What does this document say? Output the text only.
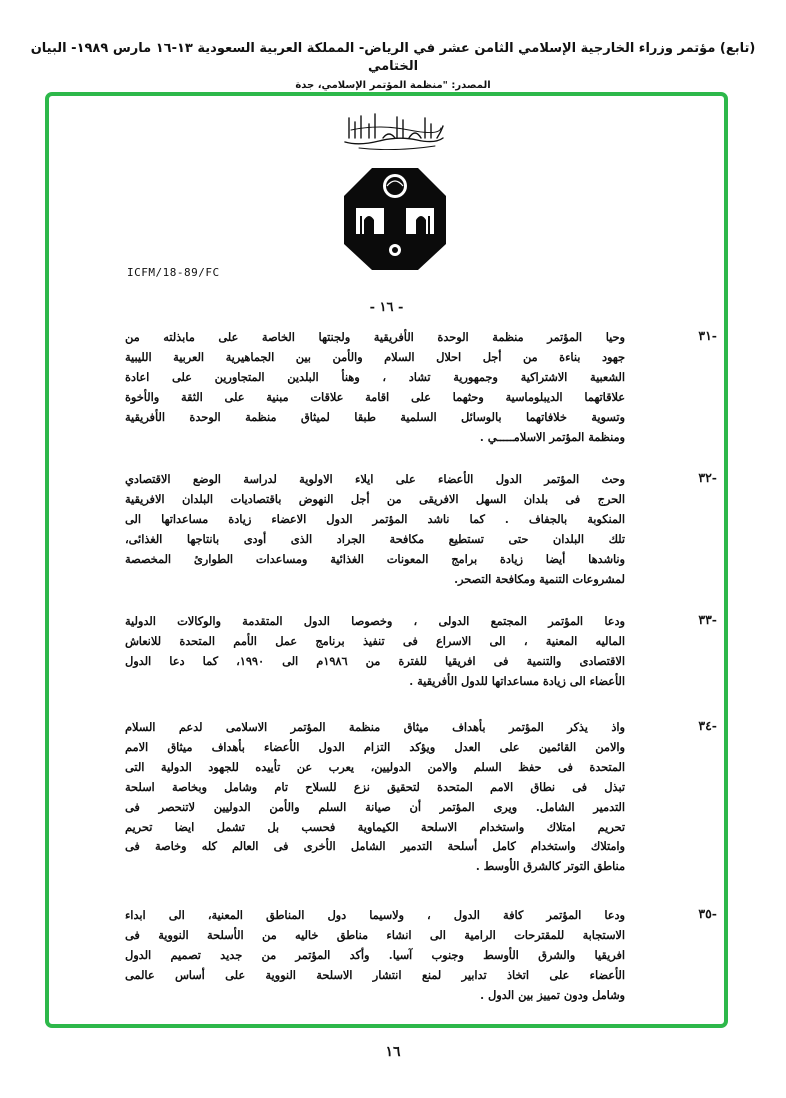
(تابع) مؤتمر وزراء الخارجية الإسلامي الثامن عشر في الرياض- المملكة العربية السعودية ١٣-١٦ مارس ١٩٨٩- البيان الختامي
المصدر: "منظمة المؤتمر الإسلامي، جدة
ICFM/18-89/FC
- ١٦ -
-٣١
وحيا المؤتمر منظمة الوحدة الأفريقية ولجنتها الخاصة على مابذلته من
جهود بناءة من أجل احلال السلام والأمن بين الجماهيرية العربية الليبية
الشعبية الاشتراكية وجمهورية تشاد ، وهنأ البلدين المتجاورين على اعادة
علاقاتهما الديبلوماسية وحثهما على اقامة علاقات مبنية على الثقة والأخوة
وتسوية خلافاتهما بالوسائل السلمية طبقا لميثاق منظمة الوحدة الأفريقية
ومنظمة المؤتمر الاسلامـــــي .
-٣٢
وحث المؤتمر الدول الأعضاء على ايلاء الاولوية لدراسة الوضع الاقتصادي
الحرج فى بلدان السهل الافريقى من أجل النهوض باقتصاديات البلدان الافريقية
المنكوبة بالجفاف . كما ناشد المؤتمر الدول الاعضاء زيادة مساعداتها الى
تلك البلدان حتى تستطيع مكافحة الجراد الذى أودى بانتاجها الغذائى،
وناشدها أيضا زيادة برامج المعونات الغذائية ومساعدات الطوارئ المخصصة
لمشروعات التنمية ومكافحة التصحر.
-٣٣
ودعا المؤتمر المجتمع الدولى ، وخصوصا الدول المتقدمة والوكالات الدولية
الماليه المعنية ، الى الاسراع فى تنفيذ برنامج عمل الأمم المتحدة للانعاش
الاقتصادى والتنمية فى افريقيا للفترة من ١٩٨٦م الى ١٩٩٠، كما دعا الدول
الأعضاء الى زيادة مساعداتها للدول الأفريقية .
-٣٤
واذ يذكر المؤتمر بأهداف ميثاق منظمة المؤتمر الاسلامى لدعم السلام
والامن القائمين على العدل ويؤكد التزام الدول الأعضاء بأهداف ميثاق الامم
المتحدة فى حفظ السلم والامن الدوليين، يعرب عن تأييده للجهود الدولية التى
تبذل فى نطاق الامم المتحدة لتحقيق نزع للسلاح تام وشامل وبخاصة اسلحة
التدمير الشامل. ويرى المؤتمر أن صيانة السلم والأمن الدوليين لاتنحصر فى
تحريم امتلاك واستخدام الاسلحة الكيماوية فحسب بل تشمل ايضا تحريم
وامتلاك واستخدام كامل أسلحة التدمير الشامل الأخرى فى العالم كله وخاصة فى
مناطق التوتر كالشرق الأوسط .
-٣٥
ودعا المؤتمر كافة الدول ، ولاسيما دول المناطق المعنية، الى ابداء
الاستجابة للمقترحات الرامية الى انشاء مناطق خاليه من الأسلحة النووية فى
افريقيا والشرق الأوسط وجنوب آسيا. وأكد المؤتمر من جديد تصميم الدول
الأعضاء على اتخاذ تدابير لمنع انتشار الاسلحة النووية على أساس عالمى
وشامل ودون تمييز بين الدول .
١٦
